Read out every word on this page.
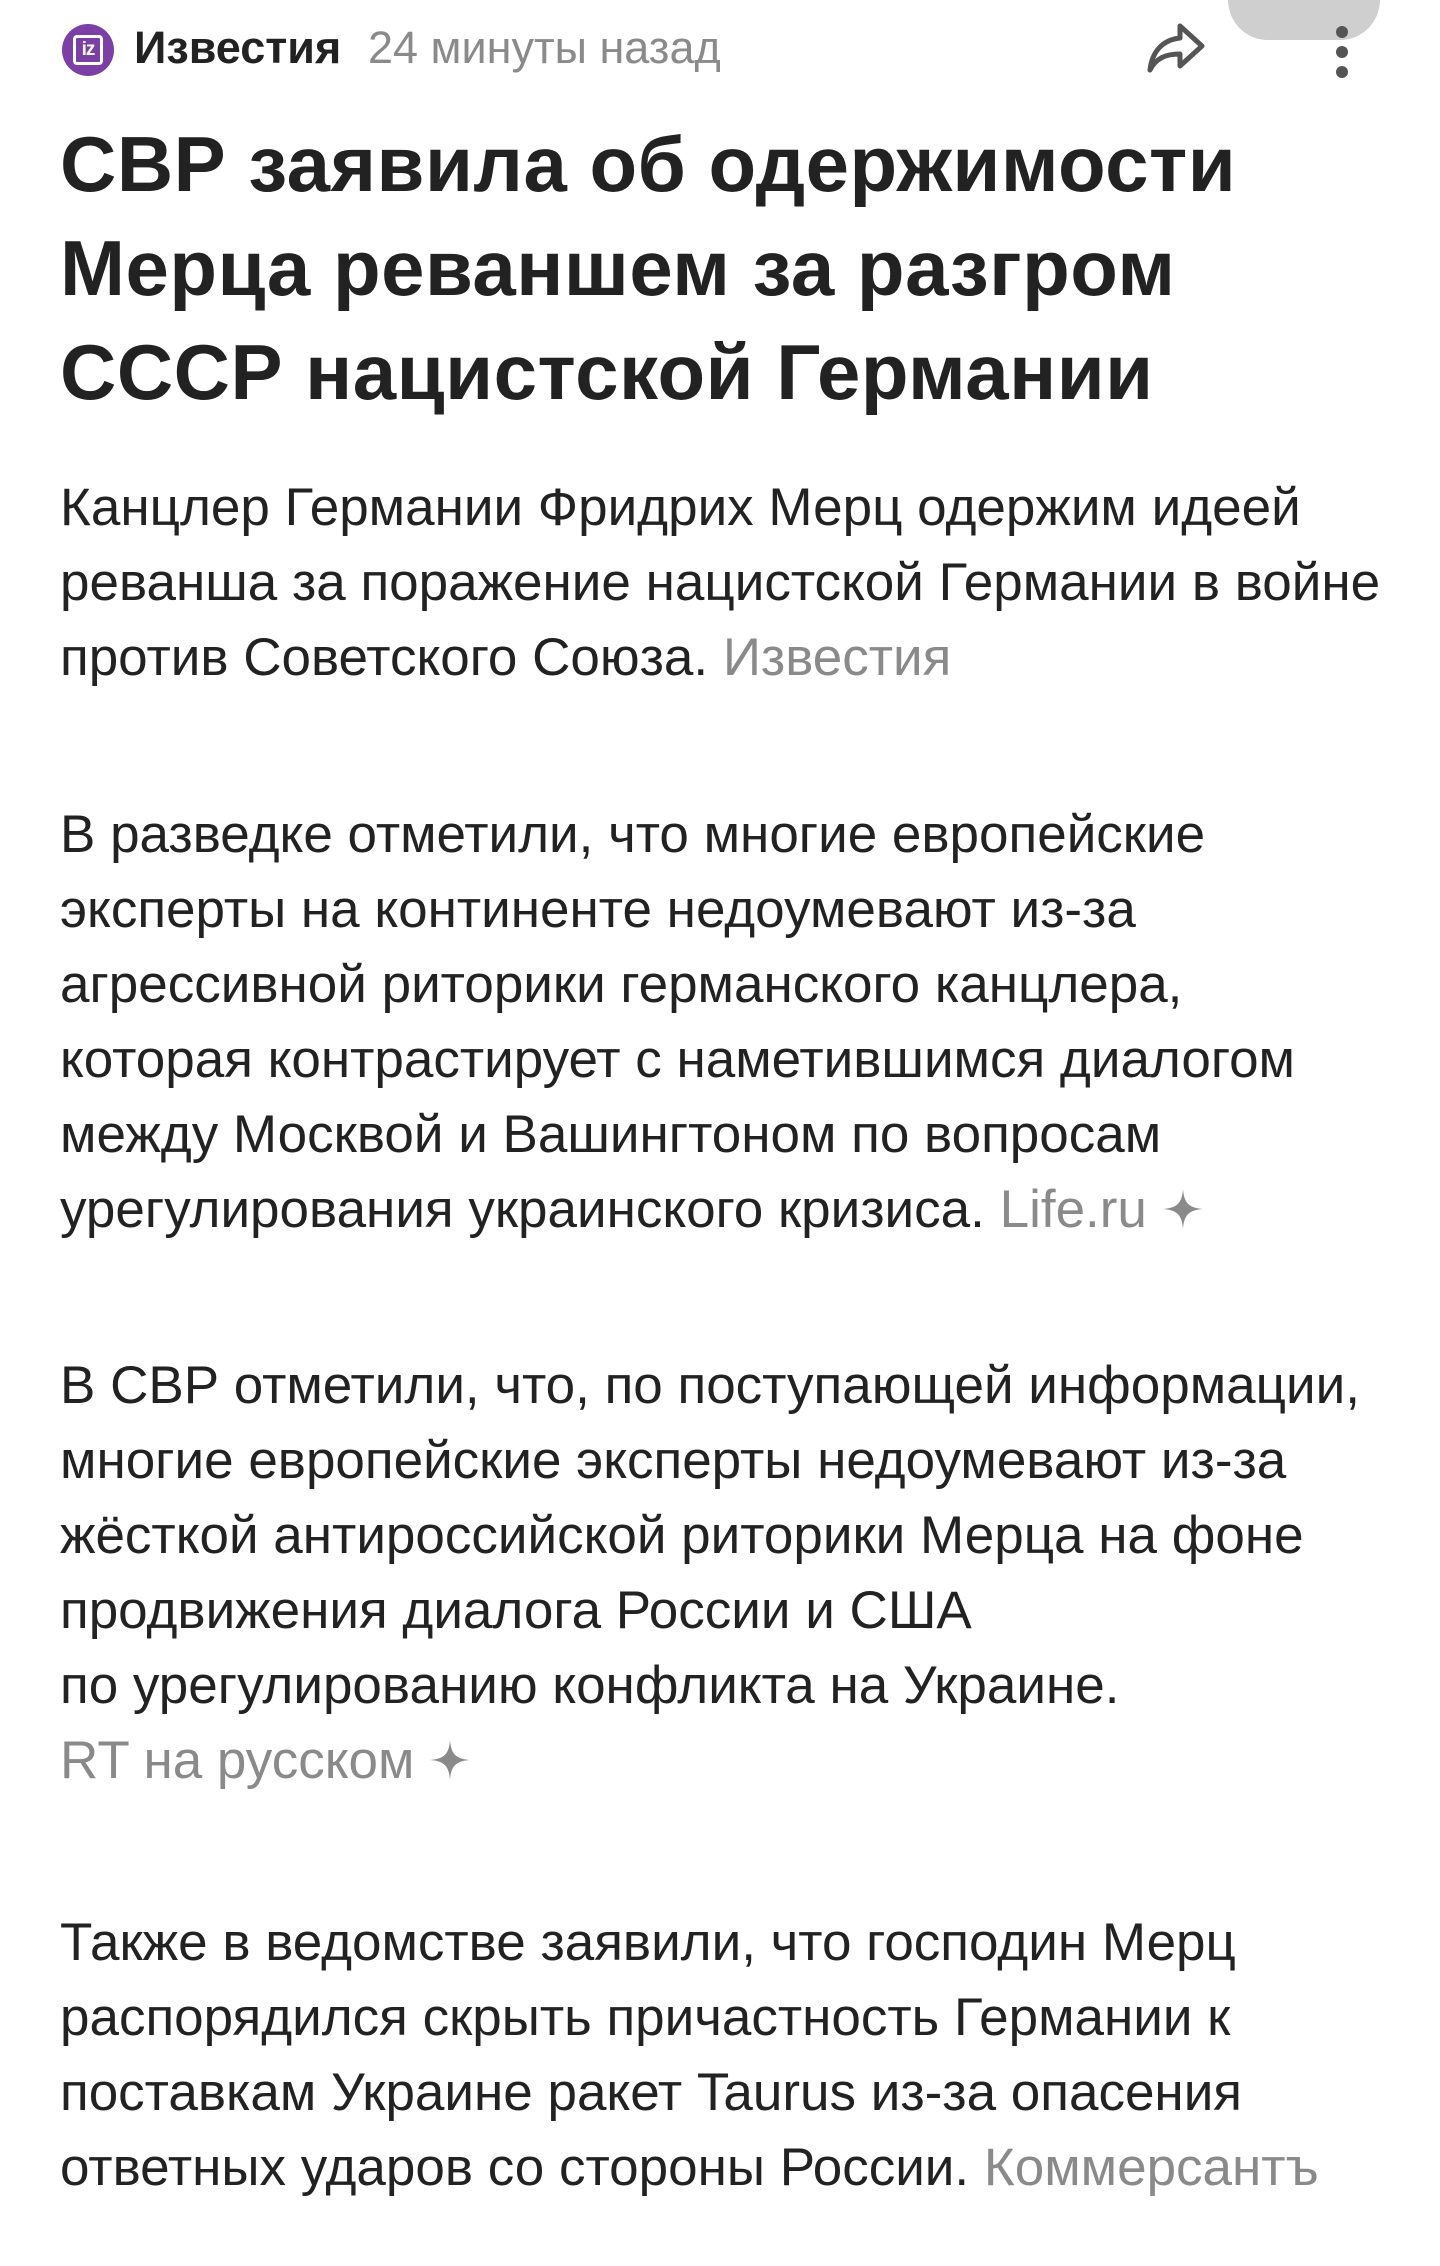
iz Известия 24 минуты назад
СВР заявила об одержимости Мерца реваншем за разгром СССР нацистской Германии

Канцлер Германии Фридрих Мерц одержим идеей реванша за поражение нацистской Германии в войне против Советского Союза. Известия

В разведке отметили, что многие европейские эксперты на континенте недоумевают из-за агрессивной риторики германского канцлера, которая контрастирует с наметившимся диалогом между Москвой и Вашингтоном по вопросам урегулирования украинского кризиса. Life.ru

В СВР отметили, что, по поступающей информации, многие европейские эксперты недоумевают из-за жёсткой антироссийской риторики Мерца на фоне продвижения диалога России и США
по урегулированию конфликта на Украине.
RT на русском

Также в ведомстве заявили, что господин Мерц распорядился скрыть причастность Германии к поставкам Украине ракет Taurus из-за опасения ответных ударов со стороны России. Коммерсантъ
